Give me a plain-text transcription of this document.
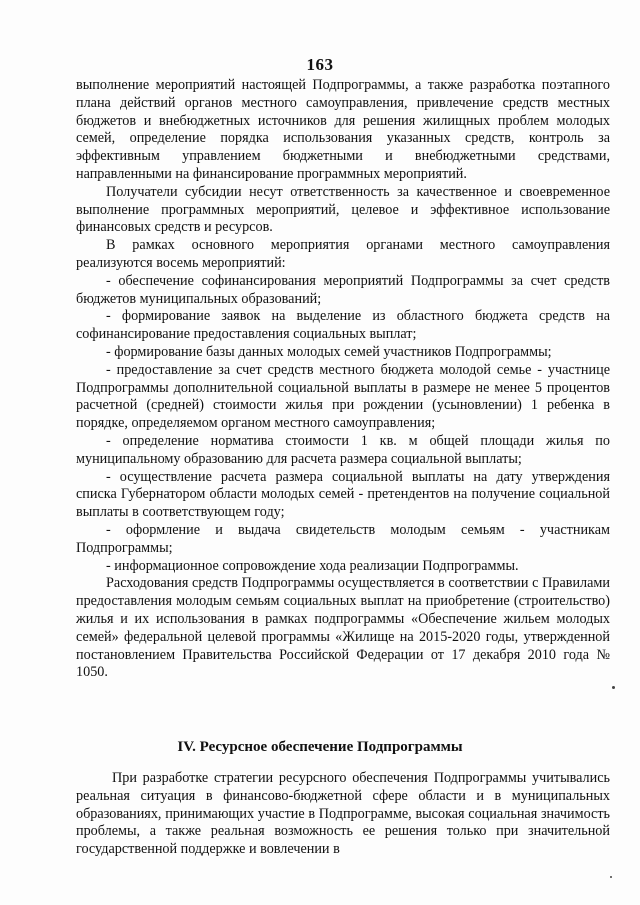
163

выполнение мероприятий настоящей Подпрограммы, а также разработка поэтапного плана действий органов местного самоуправления, привлечение средств местных бюджетов и внебюджетных источников для решения жилищных проблем молодых семей, определение порядка использования указанных средств, контроль за эффективным управлением бюджетными и внебюджетными средствами, направленными на финансирование программных мероприятий.

Получатели субсидии несут ответственность за качественное и своевременное выполнение программных мероприятий, целевое и эффективное использование финансовых средств и ресурсов.

В рамках основного мероприятия органами местного самоуправления реализуются восемь мероприятий:

- обеспечение софинансирования мероприятий Подпрограммы за счет средств бюджетов муниципальных образований;

- формирование заявок на выделение из областного бюджета средств на софинансирование предоставления социальных выплат;

- формирование базы данных молодых семей участников Подпрограммы;

- предоставление за счет средств местного бюджета молодой семье - участнице Подпрограммы дополнительной социальной выплаты в размере не менее 5 процентов расчетной (средней) стоимости жилья при рождении (усыновлении) 1 ребенка в порядке, определяемом органом местного самоуправления;

- определение норматива стоимости 1 кв. м общей площади жилья по муниципальному образованию для расчета размера социальной выплаты;

- осуществление расчета размера социальной выплаты на дату утверждения списка Губернатором области молодых семей - претендентов на получение социальной выплаты в соответствующем году;

- оформление и выдача свидетельств молодым семьям - участникам Подпрограммы;

- информационное сопровождение хода реализации Подпрограммы.

Расходования средств Подпрограммы осуществляется в соответствии с Правилами предоставления молодым семьям социальных выплат на приобретение (строительство) жилья и их использования в рамках подпрограммы «Обеспечение жильем молодых семей» федеральной целевой программы «Жилище на 2015-2020 годы, утвержденной постановлением Правительства Российской Федерации от 17 декабря 2010 года № 1050.

IV. Ресурсное обеспечение Подпрограммы

При разработке стратегии ресурсного обеспечения Подпрограммы учитывались реальная ситуация в финансово-бюджетной сфере области и в муниципальных образованиях, принимающих участие в Подпрограмме, высокая социальная значимость проблемы, а также реальная возможность ее решения только при значительной государственной поддержке и вовлечении в
